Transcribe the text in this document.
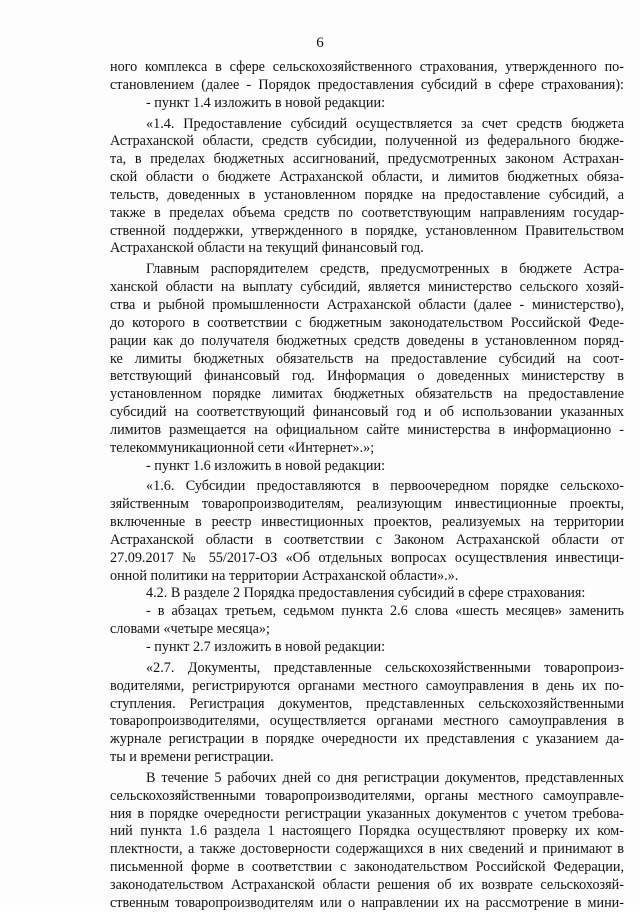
6
ного комплекса в сфере сельскохозяйственного страхования, утвержденного по-
становлением (далее - Порядок предоставления субсидий в сфере страхования):
- пункт 1.4 изложить в новой редакции:
«1.4. Предоставление субсидий осуществляется за счет средств бюджета
Астраханской области, средств субсидии, полученной из федерального бюдже-
та, в пределах бюджетных ассигнований, предусмотренных законом Астрахан-
ской области о бюджете Астраханской области, и лимитов бюджетных обяза-
тельств, доведенных в установленном порядке на предоставление субсидий, а
также в пределах объема средств по соответствующим направлениям государ-
ственной поддержки, утвержденного в порядке, установленном Правительством
Астраханской области на текущий финансовый год.
Главным распорядителем средств, предусмотренных в бюджете Астра-
ханской области на выплату субсидий, является министерство сельского хозяй-
ства и рыбной промышленности Астраханской области (далее - министерство),
до которого в соответствии с бюджетным законодательством Российской Феде-
рации как до получателя бюджетных средств доведены в установленном поряд-
ке лимиты бюджетных обязательств на предоставление субсидий на соот-
ветствующий финансовый год. Информация о доведенных министерству в
установленном порядке лимитах бюджетных обязательств на предоставление
субсидий на соответствующий финансовый год и об использовании указанных
лимитов размещается на официальном сайте министерства в информационно -
телекоммуникационной сети «Интернет».»;
- пункт 1.6 изложить в новой редакции:
«1.6. Субсидии предоставляются в первоочередном порядке сельскохо-
зяйственным товаропроизводителям, реализующим инвестиционные проекты,
включенные в реестр инвестиционных проектов, реализуемых на территории
Астраханской области в соответствии с Законом Астраханской области от
27.09.2017 № 55/2017-ОЗ «Об отдельных вопросах осуществления инвестици-
онной политики на территории Астраханской области».».
4.2. В разделе 2 Порядка предоставления субсидий в сфере страхования:
- в абзацах третьем, седьмом пункта 2.6 слова «шесть месяцев» заменить
словами «четыре месяца»;
- пункт 2.7 изложить в новой редакции:
«2.7. Документы, представленные сельскохозяйственными товаропроиз-
водителями, регистрируются органами местного самоуправления в день их по-
ступления. Регистрация документов, представленных сельскохозяйственными
товаропроизводителями, осуществляется органами местного самоуправления в
журнале регистрации в порядке очередности их представления с указанием да-
ты и времени регистрации.
В течение 5 рабочих дней со дня регистрации документов, представленных
сельскохозяйственными товаропроизводителями, органы местного самоуправле-
ния в порядке очередности регистрации указанных документов с учетом требова-
ний пункта 1.6 раздела 1 настоящего Порядка осуществляют проверку их ком-
плектности, а также достоверности содержащихся в них сведений и принимают в
письменной форме в соответствии с законодательством Российской Федерации,
законодательством Астраханской области решения об их возврате сельскохозяй-
ственным товаропроизводителям или о направлении их на рассмотрение в мини-
